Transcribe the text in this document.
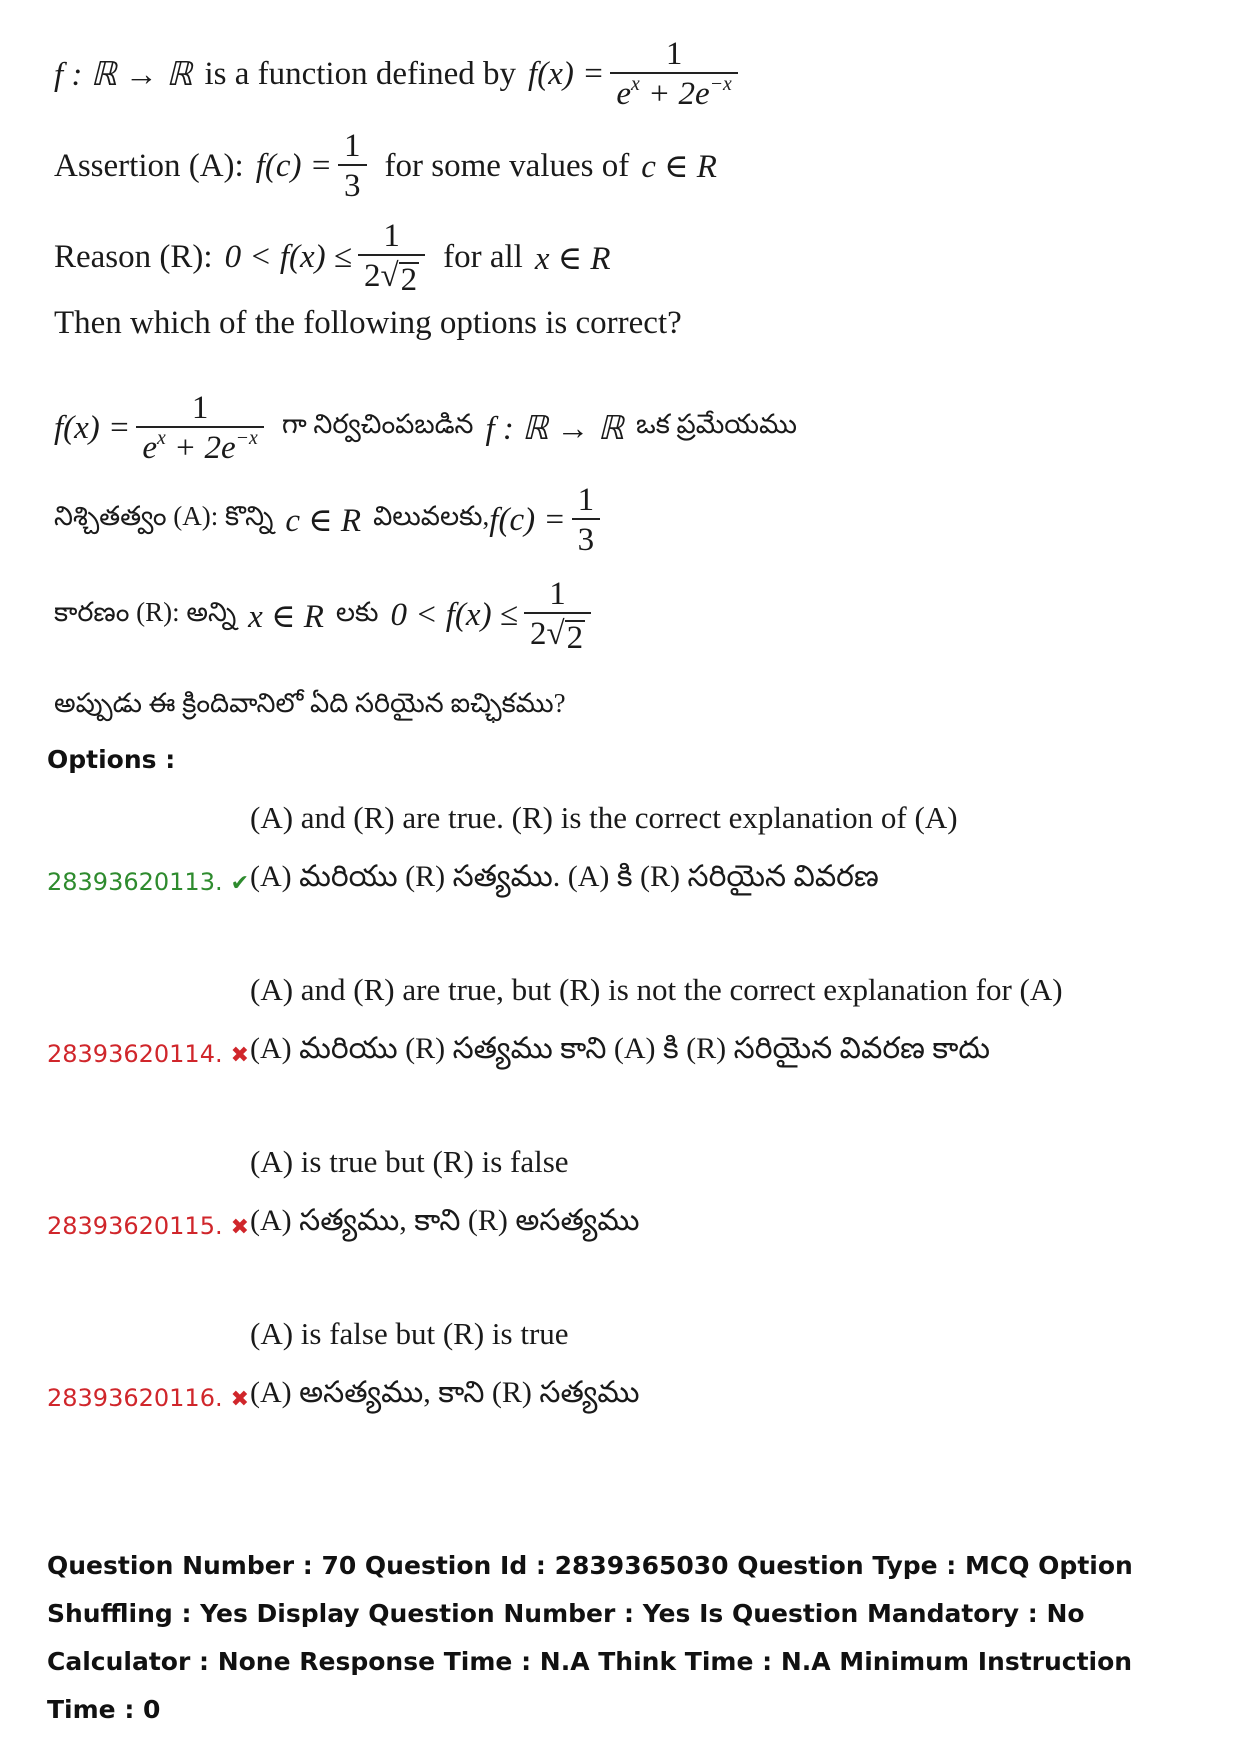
f : ℝ → ℝ is a function defined by $f(x) = \frac{1}{e^x + 2e^{-x}}$
Assertion (A): $f(c) = \frac{1}{3}$ for some values of c ∈ R
Reason (R): $0 < f(x) \le \frac{1}{2 √ 2}$ for all x ∈ R
Then which of the following options is correct?
$f(x) = \frac{1}{e^x + 2e^{-x}}$ గా నిర్వచింపబడిన f : ℝ → ℝ ఒక ప్రమేయము
నిశ్చితత్వం (A): కొన్ని c ∈ R విలువలకు, $f(c) = \frac{1}{3}$
కారణం (R): అన్ని x ∈ R లకు $0 < f(x) \le \frac{1}{2 √ 2}$
అప్పుడు ఈ క్రిందివానిలో ఏది సరియైన ఐచ్ఛికము?
Options :
(A) and (R) are true. (R) is the correct explanation of (A)
28393620113. ✔ (A) మరియు (R) సత్యము. (A) కి (R) సరియైన వివరణ
(A) and (R) are true, but (R) is not the correct explanation for (A)
28393620114. ✖ (A) మరియు (R) సత్యము కాని (A) కి (R) సరియైన వివరణ కాదు
(A) is true but (R) is false
28393620115. ✖ (A) సత్యము, కాని (R) అసత్యము
(A) is false but (R) is true
28393620116. ✖ (A) అసత్యము, కాని (R) సత్యము
Question Number : 70 Question Id : 2839365030 Question Type : MCQ Option Shuffling : Yes Display Question Number : Yes Is Question Mandatory : No Calculator : None Response Time : N.A Think Time : N.A Minimum Instruction Time : 0
